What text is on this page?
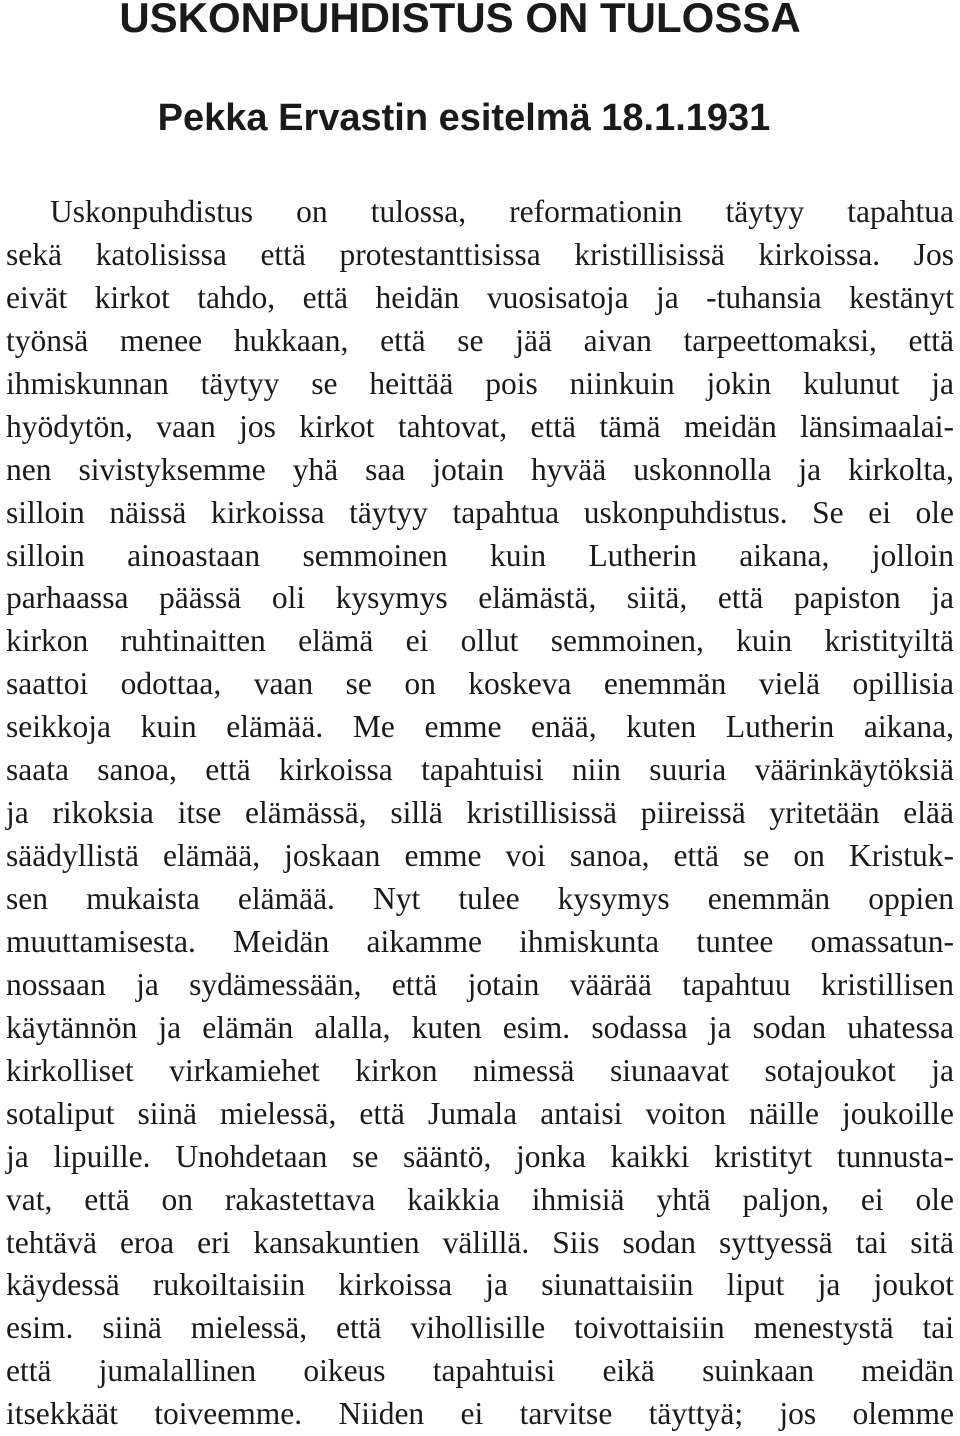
USKONPUHDISTUS ON TULOSSA
Pekka Ervastin esitelmä 18.1.1931
Uskonpuhdistus on tulossa, reformationin täytyy tapahtua
sekä katolisissa että protestanttisissa kristillisissä kirkoissa. Jos
eivät kirkot tahdo, että heidän vuosisatoja ja -tuhansia kestänyt
työnsä menee hukkaan, että se jää aivan tarpeettomaksi, että
ihmiskunnan täytyy se heittää pois niinkuin jokin kulunut ja
hyödytön, vaan jos kirkot tahtovat, että tämä meidän länsimaalai-
nen sivistyksemme yhä saa jotain hyvää uskonnolla ja kirkolta,
silloin näissä kirkoissa täytyy tapahtua uskonpuhdistus. Se ei ole
silloin ainoastaan semmoinen kuin Lutherin aikana, jolloin
parhaassa päässä oli kysymys elämästä, siitä, että papiston ja
kirkon ruhtinaitten elämä ei ollut semmoinen, kuin kristityiltä
saattoi odottaa, vaan se on koskeva enemmän vielä opillisia
seikkoja kuin elämää. Me emme enää, kuten Lutherin aikana,
saata sanoa, että kirkoissa tapahtuisi niin suuria väärinkäytöksiä
ja rikoksia itse elämässä, sillä kristillisissä piireissä yritetään elää
säädyllistä elämää, joskaan emme voi sanoa, että se on Kristuk-
sen mukaista elämää. Nyt tulee kysymys enemmän oppien
muuttamisesta. Meidän aikamme ihmiskunta tuntee omassatun-
nossaan ja sydämessään, että jotain väärää tapahtuu kristillisen
käytännön ja elämän alalla, kuten esim. sodassa ja sodan uhatessa
kirkolliset virkamiehet kirkon nimessä siunaavat sotajoukot ja
sotaliput siinä mielessä, että Jumala antaisi voiton näille joukoille
ja lipuille. Unohdetaan se sääntö, jonka kaikki kristityt tunnusta-
vat, että on rakastettava kaikkia ihmisiä yhtä paljon, ei ole
tehtävä eroa eri kansakuntien välillä. Siis sodan syttyessä tai sitä
käydessä rukoiltaisiin kirkoissa ja siunattaisiin liput ja joukot
esim. siinä mielessä, että vihollisille toivottaisiin menestystä tai
että jumalallinen oikeus tapahtuisi eikä suinkaan meidän
itsekkäät toiveemme. Niiden ei tarvitse täyttyä; jos olemme
